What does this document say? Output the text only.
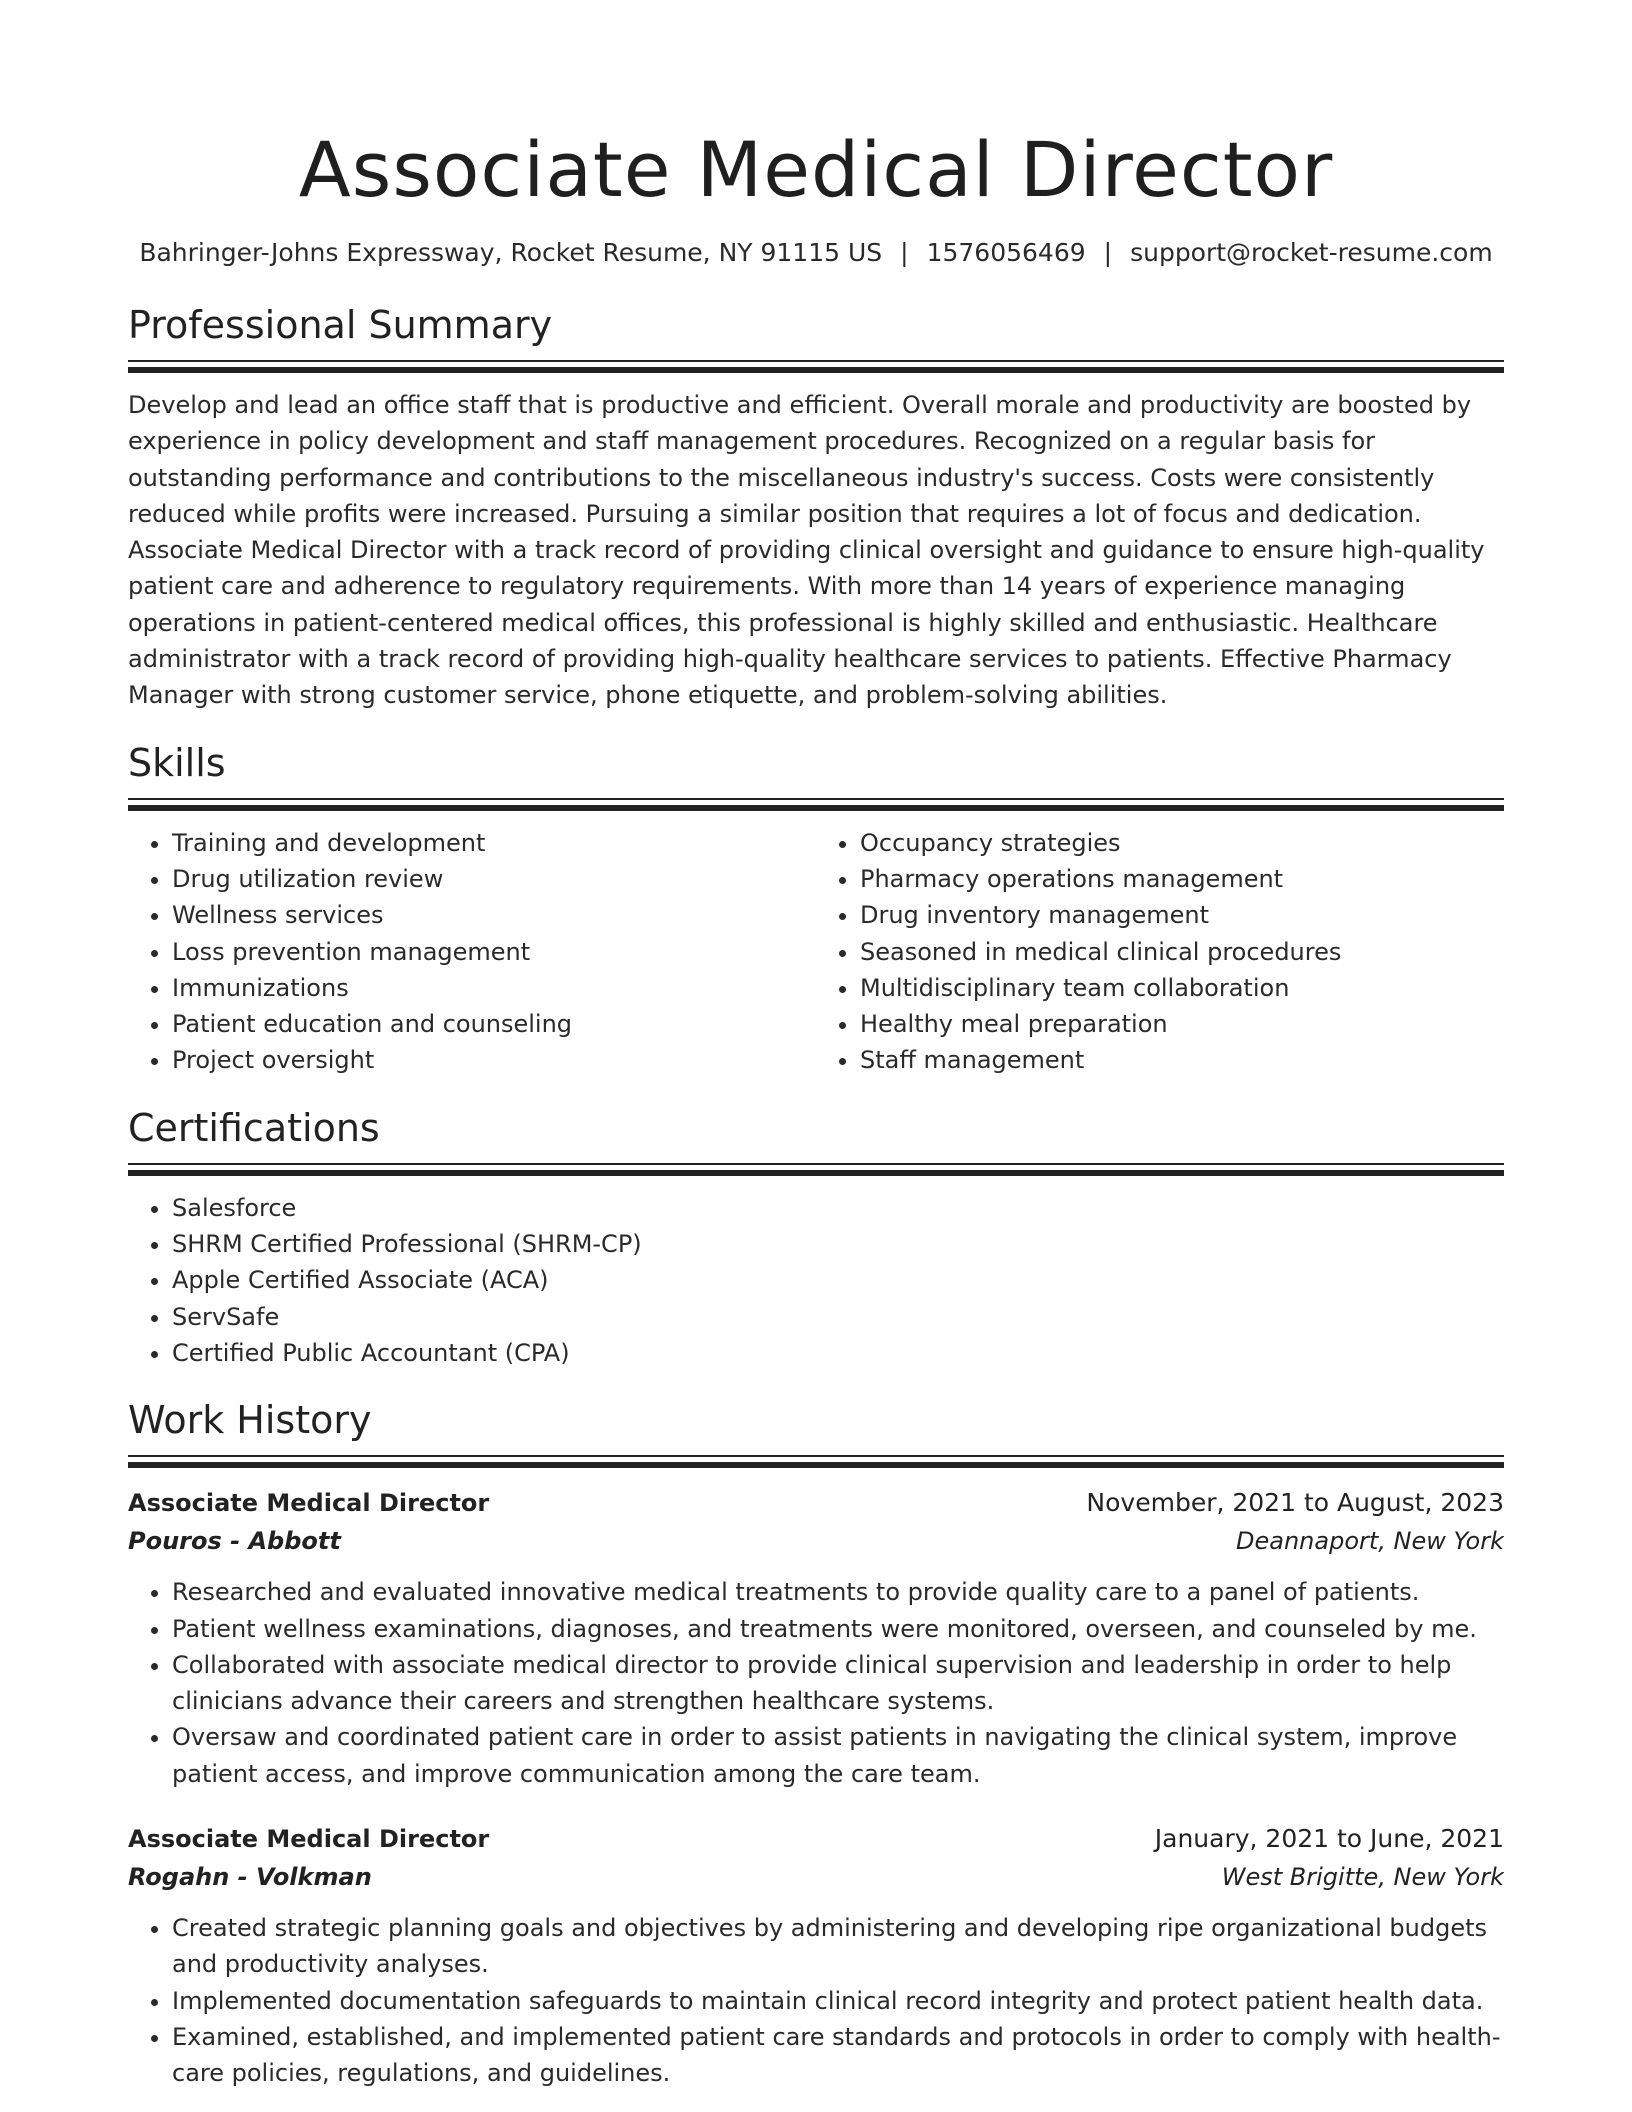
Associate Medical Director
Bahringer-Johns Expressway, Rocket Resume, NY 91115 US | 1576056469 | support@rocket-resume.com
Professional Summary

Develop and lead an office staff that is productive and efficient. Overall morale and productivity are boosted by experience in policy development and staff management procedures. Recognized on a regular basis for outstanding performance and contributions to the miscellaneous industry's success. Costs were consistently reduced while profits were increased. Pursuing a similar position that requires a lot of focus and dedication. Associate Medical Director with a track record of providing clinical oversight and guidance to ensure high-quality patient care and adherence to regulatory requirements. With more than 14 years of experience managing operations in patient-centered medical offices, this professional is highly skilled and enthusiastic. Healthcare administrator with a track record of providing high-quality healthcare services to patients. Effective Pharmacy Manager with strong customer service, phone etiquette, and problem-solving abilities.

Skills
• Training and development
• Drug utilization review
• Wellness services
• Loss prevention management
• Immunizations
• Patient education and counseling
• Project oversight
• Occupancy strategies
• Pharmacy operations management
• Drug inventory management
• Seasoned in medical clinical procedures
• Multidisciplinary team collaboration
• Healthy meal preparation
• Staff management
Certifications
• Salesforce
• SHRM Certified Professional (SHRM-CP)
• Apple Certified Associate (ACA)
• ServSafe
• Certified Public Accountant (CPA)
Work History
Associate Medical Director	November, 2021 to August, 2023
Pouros - Abbott	Deannaport, New York
• Researched and evaluated innovative medical treatments to provide quality care to a panel of patients.
• Patient wellness examinations, diagnoses, and treatments were monitored, overseen, and counseled by me.
• Collaborated with associate medical director to provide clinical supervision and leadership in order to help clinicians advance their careers and strengthen healthcare systems.
• Oversaw and coordinated patient care in order to assist patients in navigating the clinical system, improve patient access, and improve communication among the care team.
Associate Medical Director	January, 2021 to June, 2021
Rogahn - Volkman	West Brigitte, New York
• Created strategic planning goals and objectives by administering and developing ripe organizational budgets and productivity analyses.
• Implemented documentation safeguards to maintain clinical record integrity and protect patient health data.
• Examined, established, and implemented patient care standards and protocols in order to comply with health-care policies, regulations, and guidelines.
